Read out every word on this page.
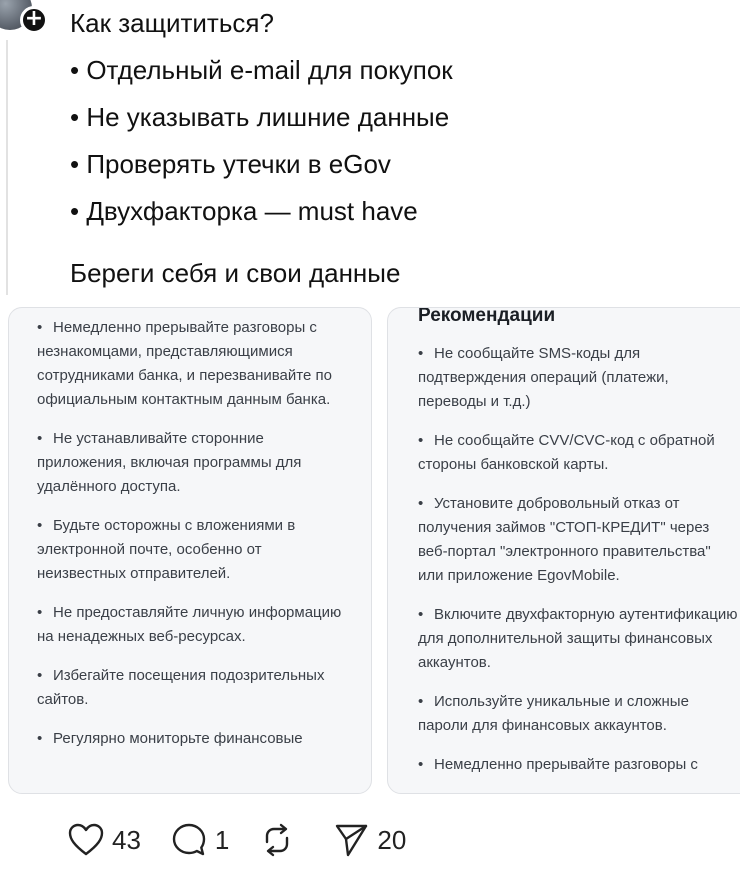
+ Как защититься?
• Отдельный e-mail для покупок
• Не указывать лишние данные
• Проверять утечки в eGov
• Двухфакторка — must have
Береги себя и свои данные
• Немедленно прерывайте разговоры с незнакомцами, представляющимися сотрудниками банка, и перезванивайте по официальным контактным данным банка.
• Не устанавливайте сторонние приложения, включая программы для удалённого доступа.
• Будьте осторожны с вложениями в электронной почте, особенно от неизвестных отправителей.
• Не предоставляйте личную информацию на ненадежных веб-ресурсах.
• Избегайте посещения подозрительных сайтов.
• Регулярно мониторьте финансовые
Рекомендации
• Не сообщайте SMS-коды для подтверждения операций (платежи, переводы и т.д.)
• Не сообщайте CVV/CVC-код с обратной стороны банковской карты.
• Установите добровольный отказ от получения займов "СТОП-КРЕДИТ" через веб-портал "электронного правительства" или приложение EgovMobile.
• Включите двухфакторную аутентификацию для дополнительной защиты финансовых аккаунтов.
• Используйте уникальные и сложные пароли для финансовых аккаунтов.
• Немедленно прерывайте разговоры с
43	1	20
